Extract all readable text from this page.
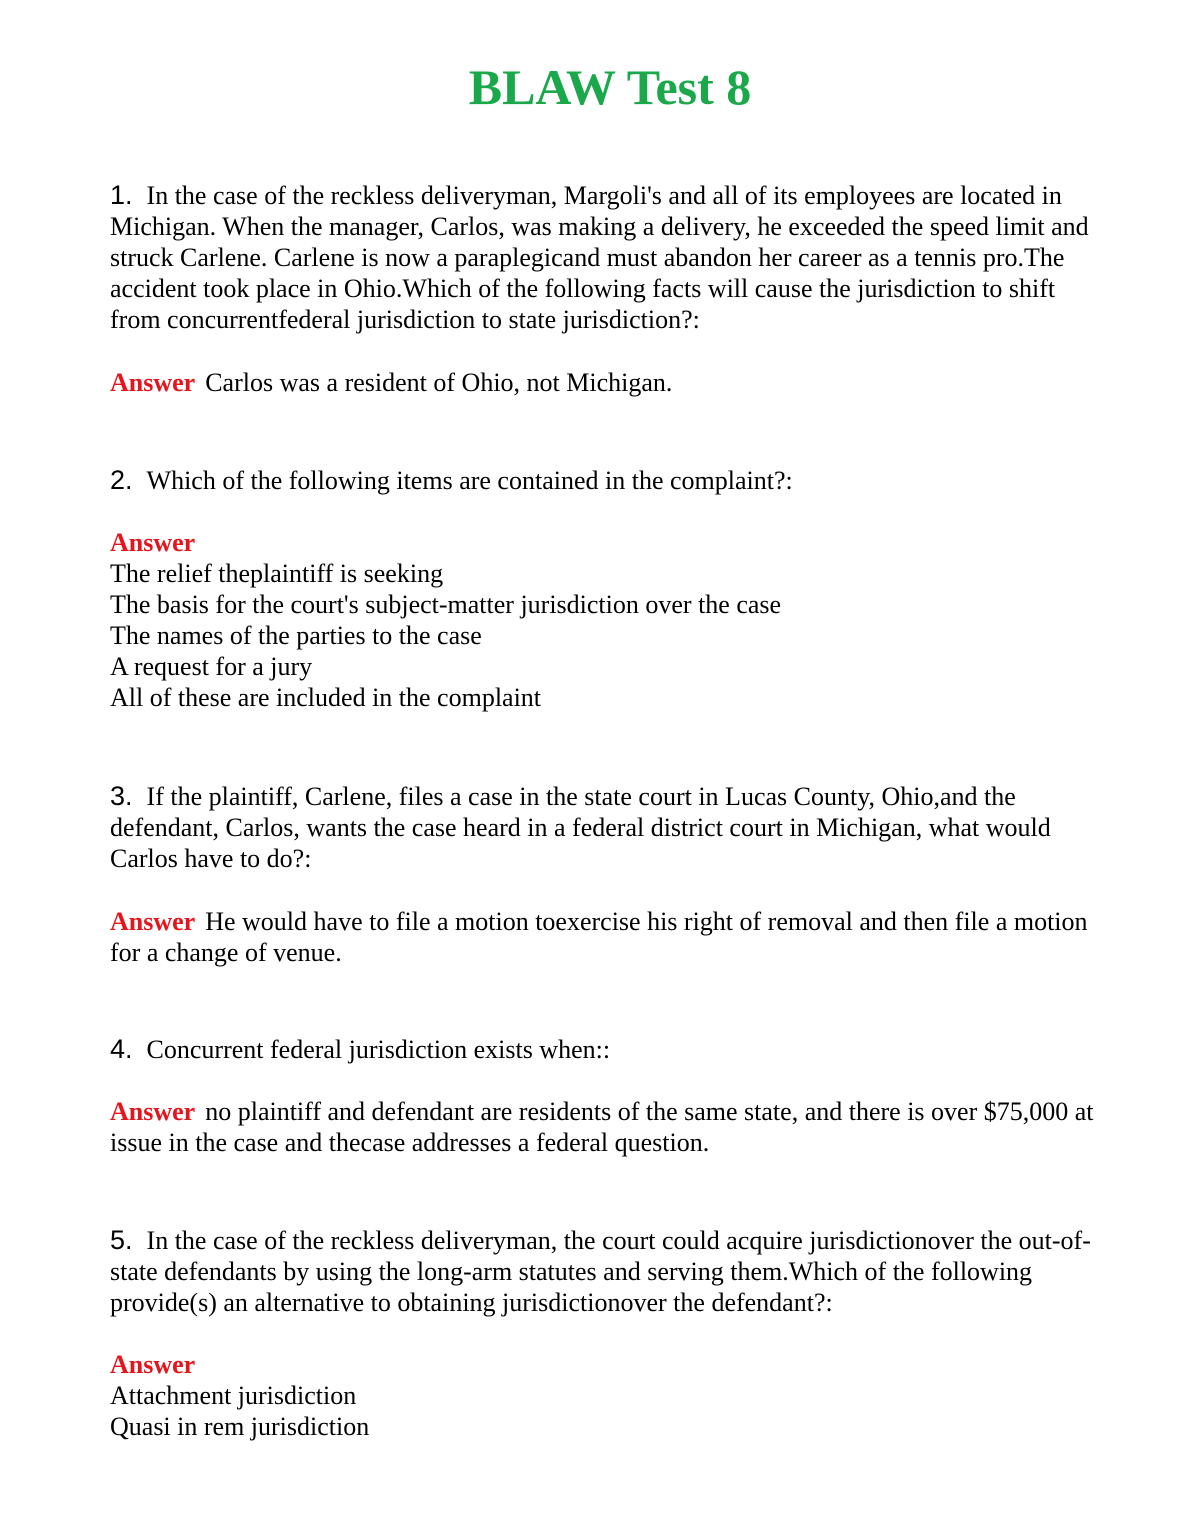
BLAW Test 8

1. In the case of the reckless deliveryman, Margoli's and all of its employees are located in Michigan. When the manager, Carlos, was making a delivery, he exceeded the speed limit and struck Carlene. Carlene is now a paraplegicand must abandon her career as a tennis pro.The accident took place in Ohio.Which of the following facts will cause the jurisdiction to shift from concurrentfederal jurisdiction to state jurisdiction?:

Answer Carlos was a resident of Ohio, not Michigan.

2. Which of the following items are contained in the complaint?:

Answer
The relief theplaintiff is seeking
The basis for the court's subject-matter jurisdiction over the case
The names of the parties to the case
A request for a jury
All of these are included in the complaint

3. If the plaintiff, Carlene, files a case in the state court in Lucas County, Ohio,and the defendant, Carlos, wants the case heard in a federal district court in Michigan, what would Carlos have to do?:

Answer He would have to file a motion toexercise his right of removal and then file a motion for a change of venue.

4. Concurrent federal jurisdiction exists when::

Answer no plaintiff and defendant are residents of the same state, and there is over $75,000 at issue in the case and thecase addresses a federal question.

5. In the case of the reckless deliveryman, the court could acquire jurisdictionover the out-of-state defendants by using the long-arm statutes and serving them.Which of the following provide(s) an alternative to obtaining jurisdictionover the defendant?:

Answer
Attachment jurisdiction
Quasi in rem jurisdiction
